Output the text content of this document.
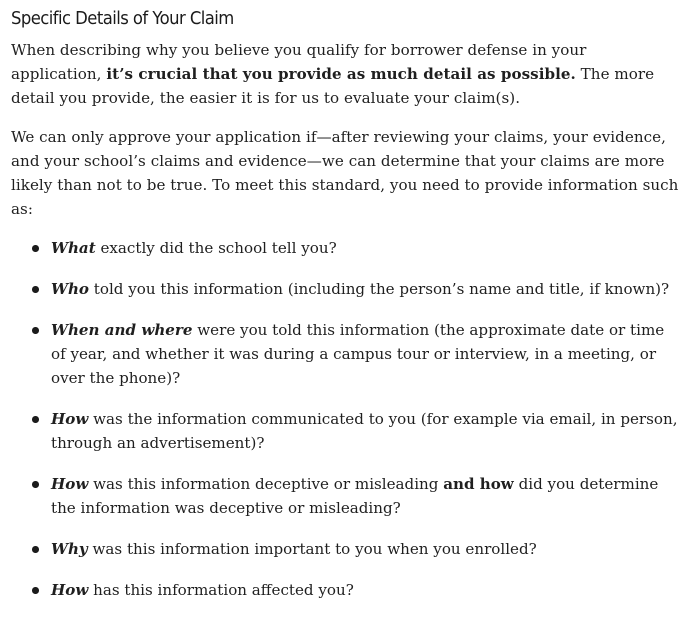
Specific Details of Your Claim

When describing why you believe you qualify for borrower defense in your application, it’s crucial that you provide as much detail as possible. The more detail you provide, the easier it is for us to evaluate your claim(s).

We can only approve your application if—after reviewing your claims, your evidence, and your school’s claims and evidence—we can determine that your claims are more likely than not to be true. To meet this standard, you need to provide information such as:

What exactly did the school tell you?
Who told you this information (including the person’s name and title, if known)?
When and where were you told this information (the approximate date or time of year, and whether it was during a campus tour or interview, in a meeting, or over the phone)?
How was the information communicated to you (for example via email, in person, through an advertisement)?
How was this information deceptive or misleading and how did you determine the information was deceptive or misleading?
Why was this information important to you when you enrolled?
How has this information affected you?
